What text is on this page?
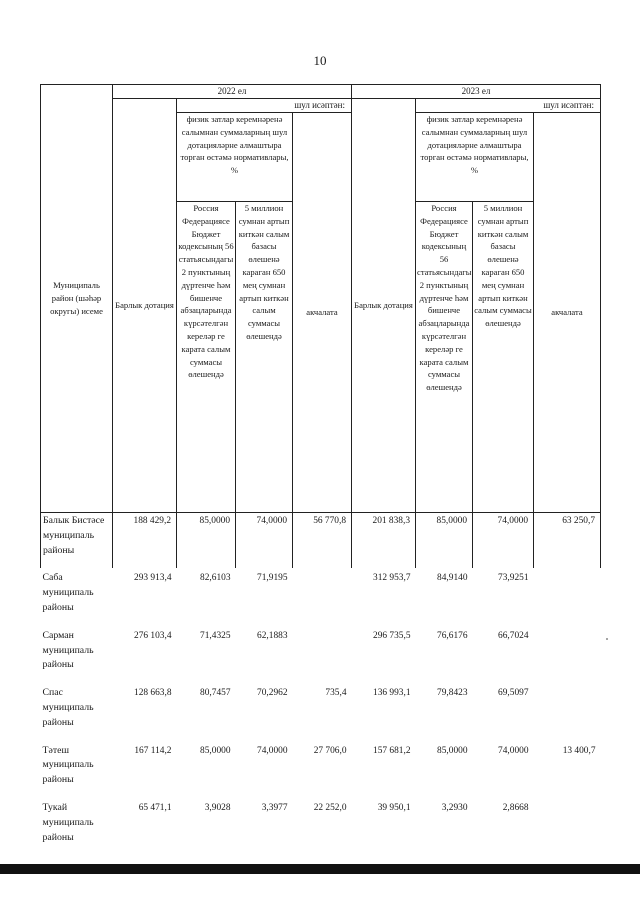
10
Муниципаль район (шәһәр округы) исеме	2022 ел				2023 ел			
	Барлык дотация	шул исәптән:			Барлык дотация	шул исәптән:		
		физик затлар керемнәренә салымнан суммаларның шул дотацияләрне алмаштыра торган өстәмә нормативлары, %		акчалата		физик затлар керемнәренә салымнан суммаларның шул дотацияләрне алмаштыра торган өстәмә нормативлары, %		акчалата
		Россия Федерациясе Бюджет кодексының 56 статьясындагы 2 пунктының дүртенче һәм бишенче абзацларында күрсәтелгән кереләр ге карата салым суммасы өлешендә	5 миллион сумнан артып киткән салым базасы өлешенә караган 650 мең сумнан артып киткән салым суммасы өлешендә			Россия Федерациясе Бюджет кодексының 56 статьясындагы 2 пунктының дүртенче һәм бишенче абзацларында күрсәтелгән кереләр ге карата салым суммасы өлешендә	5 миллион сумнан артып киткән салым базасы өлешенә караган 650 мең сумнан артып киткән салым суммасы өлешендә	
Балык Бистәсе муниципаль районы	188 429,2	85,0000	74,0000	56 770,8	201 838,3	85,0000	74,0000	63 250,7
Саба муниципаль районы	293 913,4	82,6103	71,9195		312 953,7	84,9140	73,9251	
Сарман муниципаль районы	276 103,4	71,4325	62,1883		296 735,5	76,6176	66,7024	
Спас муниципаль районы	128 663,8	80,7457	70,2962	735,4	136 993,1	79,8423	69,5097	
Тәтеш муниципаль районы	167 114,2	85,0000	74,0000	27 706,0	157 681,2	85,0000	74,0000	13 400,7
Тукай муниципаль районы	65 471,1	3,9028	3,3977	22 252,0	39 950,1	3,2930	2,8668	
